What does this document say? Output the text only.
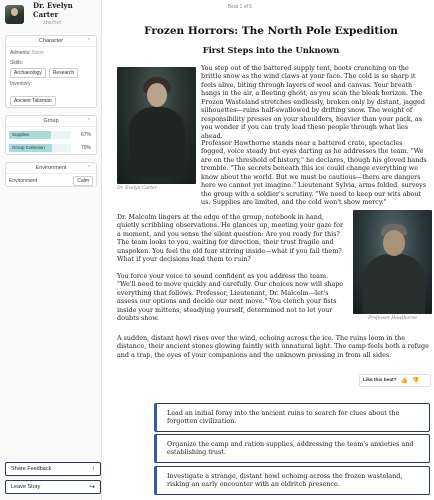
Dr. Evelyn Carter
she/her
Character	⌃
Ailments: None
Skills:
Archaeology	Research
Inventory:
Ancient Talisman
Group	⌃
Supplies	67%
Group Cohesion	70%
Environment	⌃
Environment	Calm
Share Feedback	↑
Leave Story	↪
Beat 1 of 5
Frozen Horrors: The North Pole Expedition
First Steps into the Unknown
Dr. Evelyn Carter
You step out of the battered supply tent, boots crunching on the brittle snow as the wind claws at your face. The cold is so sharp it feels alive, biting through layers of wool and canvas. Your breath hangs in the air, a fleeting ghost, as you scan the bleak horizon. The Frozen Wasteland stretches endlessly, broken only by distant, jagged silhouettes—ruins half-swallowed by drifting snow. The weight of responsibility presses on your shoulders, heavier than your pack, as you wonder if you can truly lead these people through what lies ahead.
Professor Hawthorne stands near a battered crate, spectacles fogged, voice steady but eyes darting as he addresses the team. "We are on the threshold of history," he declares, though his gloved hands tremble. "The secrets beneath this ice could change everything we know about the world. But we must be cautious—there are dangers here we cannot yet imagine." Lieutenant Sylvia, arms folded, surveys the group with a soldier's scrutiny. "We need to keep our wits about us. Supplies are limited, and the cold won't show mercy."
Professor Hawthorne
Dr. Malcolm lingers at the edge of the group, notebook in hand, quietly scribbling observations. He glances up, meeting your gaze for a moment, and you sense the silent question: Are you ready for this? The team looks to you, waiting for direction, their trust fragile and unspoken. You feel the old fear stirring inside—what if you fail them? What if your decisions lead them to ruin?
You force your voice to sound confident as you address the team. "We'll need to move quickly and carefully. Our choices now will shape everything that follows. Professor, Lieutenant, Dr. Malcolm—let's assess our options and decide our next move." You clench your fists inside your mittens, steadying yourself, determined not to let your doubts show.
A sudden, distant howl rises over the wind, echoing across the ice. The ruins loom in the distance, their ancient stones glowing faintly with unnatural light. The camp feels both a refuge and a trap, the eyes of your companions and the unknown pressing in from all sides.
Like this beat? 👍 👎
Lead an initial foray into the ancient ruins to search for clues about the forgotten civilization.
Organize the camp and ration supplies, addressing the team's anxieties and establishing trust.
Investigate a strange, distant howl echoing across the frozen wasteland, risking an early encounter with an eldritch presence.
